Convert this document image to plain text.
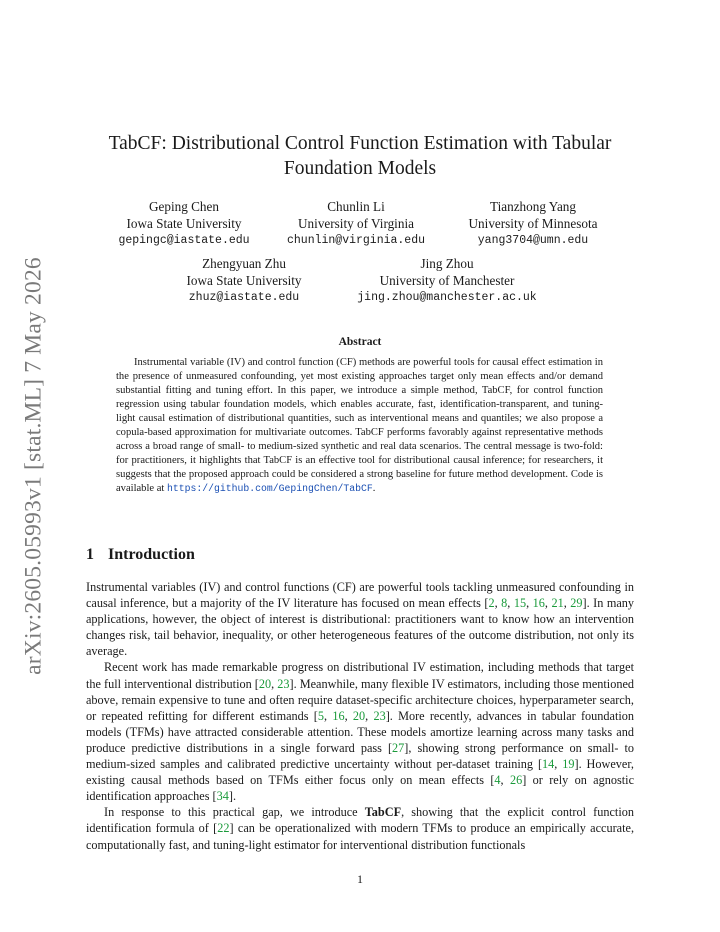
arXiv:2605.05993v1 [stat.ML] 7 May 2026
TabCF: Distributional Control Function Estimation with Tabular Foundation Models
Geping Chen
Iowa State University
gepingc@iastate.edu
Chunlin Li
University of Virginia
chunlin@virginia.edu
Tianzhong Yang
University of Minnesota
yang3704@umn.edu
Zhengyuan Zhu
Iowa State University
zhuz@iastate.edu
Jing Zhou
University of Manchester
jing.zhou@manchester.ac.uk
Abstract
Instrumental variable (IV) and control function (CF) methods are powerful tools for causal effect estimation in the presence of unmeasured confounding, yet most existing approaches target only mean effects and/or demand substantial fitting and tuning effort. In this paper, we introduce a simple method, TabCF, for control function regression using tabular foundation models, which enables accurate, fast, identification-transparent, and tuning-light causal estimation of distributional quantities, such as interventional means and quantiles; we also propose a copula-based approximation for multivariate outcomes. TabCF performs favorably against representative methods across a broad range of small- to medium-sized synthetic and real data scenarios. The central message is two-fold: for practitioners, it highlights that TabCF is an effective tool for distributional causal inference; for researchers, it suggests that the proposed approach could be considered a strong baseline for future method development. Code is available at https://github.com/GepingChen/TabCF.
1 Introduction

Instrumental variables (IV) and control functions (CF) are powerful tools tackling unmeasured confounding in causal inference, but a majority of the IV literature has focused on mean effects [2, 8, 15, 16, 21, 29]. In many applications, however, the object of interest is distributional: practitioners want to know how an intervention changes risk, tail behavior, inequality, or other heterogeneous features of the outcome distribution, not only its average.

Recent work has made remarkable progress on distributional IV estimation, including methods that target the full interventional distribution [20, 23]. Meanwhile, many flexible IV estimators, including those mentioned above, remain expensive to tune and often require dataset-specific architecture choices, hyperparameter search, or repeated refitting for different estimands [5, 16, 20, 23]. More recently, advances in tabular foundation models (TFMs) have attracted considerable attention. These models amortize learning across many tasks and produce predictive distributions in a single forward pass [27], showing strong performance on small- to medium-sized samples and calibrated predictive uncertainty without per-dataset training [14, 19]. However, existing causal methods based on TFMs either focus only on mean effects [4, 26] or rely on agnostic identification approaches [34].

In response to this practical gap, we introduce TabCF, showing that the explicit control function identification formula of [22] can be operationalized with modern TFMs to produce an empirically accurate, computationally fast, and tuning-light estimator for interventional distribution functionals

1
